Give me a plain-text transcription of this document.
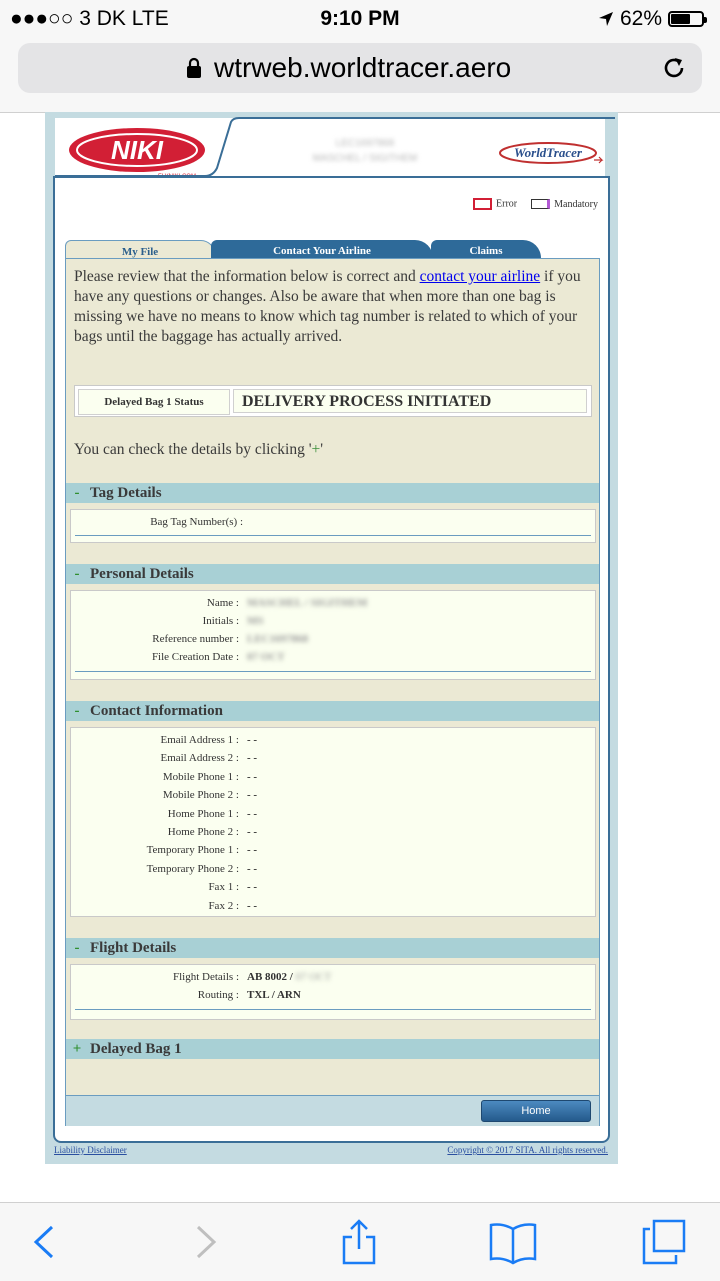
●●●○○ 3 DK LTE	9:10 PM	62%
wtrweb.worldtracer.aero
NIKI	LEC1697868
MASCHEL / SIGITHEM	WorldTracer
Error	Mandatory
My File	Contact Your Airline	Claims
Please review that the information below is correct and contact your airline if you have any questions or changes. Also be aware that when more than one bag is missing we have no means to know which tag number is related to which of your bags until the baggage has actually arrived.
Delayed Bag 1 Status	DELIVERY PROCESS INITIATED
You can check the details by clicking '+'
- Tag Details
Bag Tag Number(s) :
- Personal Details
Name : MASCHEL / SIGITHEM
Initials : MS
Reference number : LEC1697868
File Creation Date : 07 OCT
- Contact Information
Email Address 1 : - -
Email Address 2 : - -
Mobile Phone 1 : - -
Mobile Phone 2 : - -
Home Phone 1 : - -
Home Phone 2 : - -
Temporary Phone 1 : - -
Temporary Phone 2 : - -
Fax 1 : - -
Fax 2 : - -
- Flight Details
Flight Details : AB 8002 / 07 OCT
Routing : TXL / ARN
+ Delayed Bag 1
Home
Liability Disclaimer	Copyright © 2017 SITA. All rights reserved.
